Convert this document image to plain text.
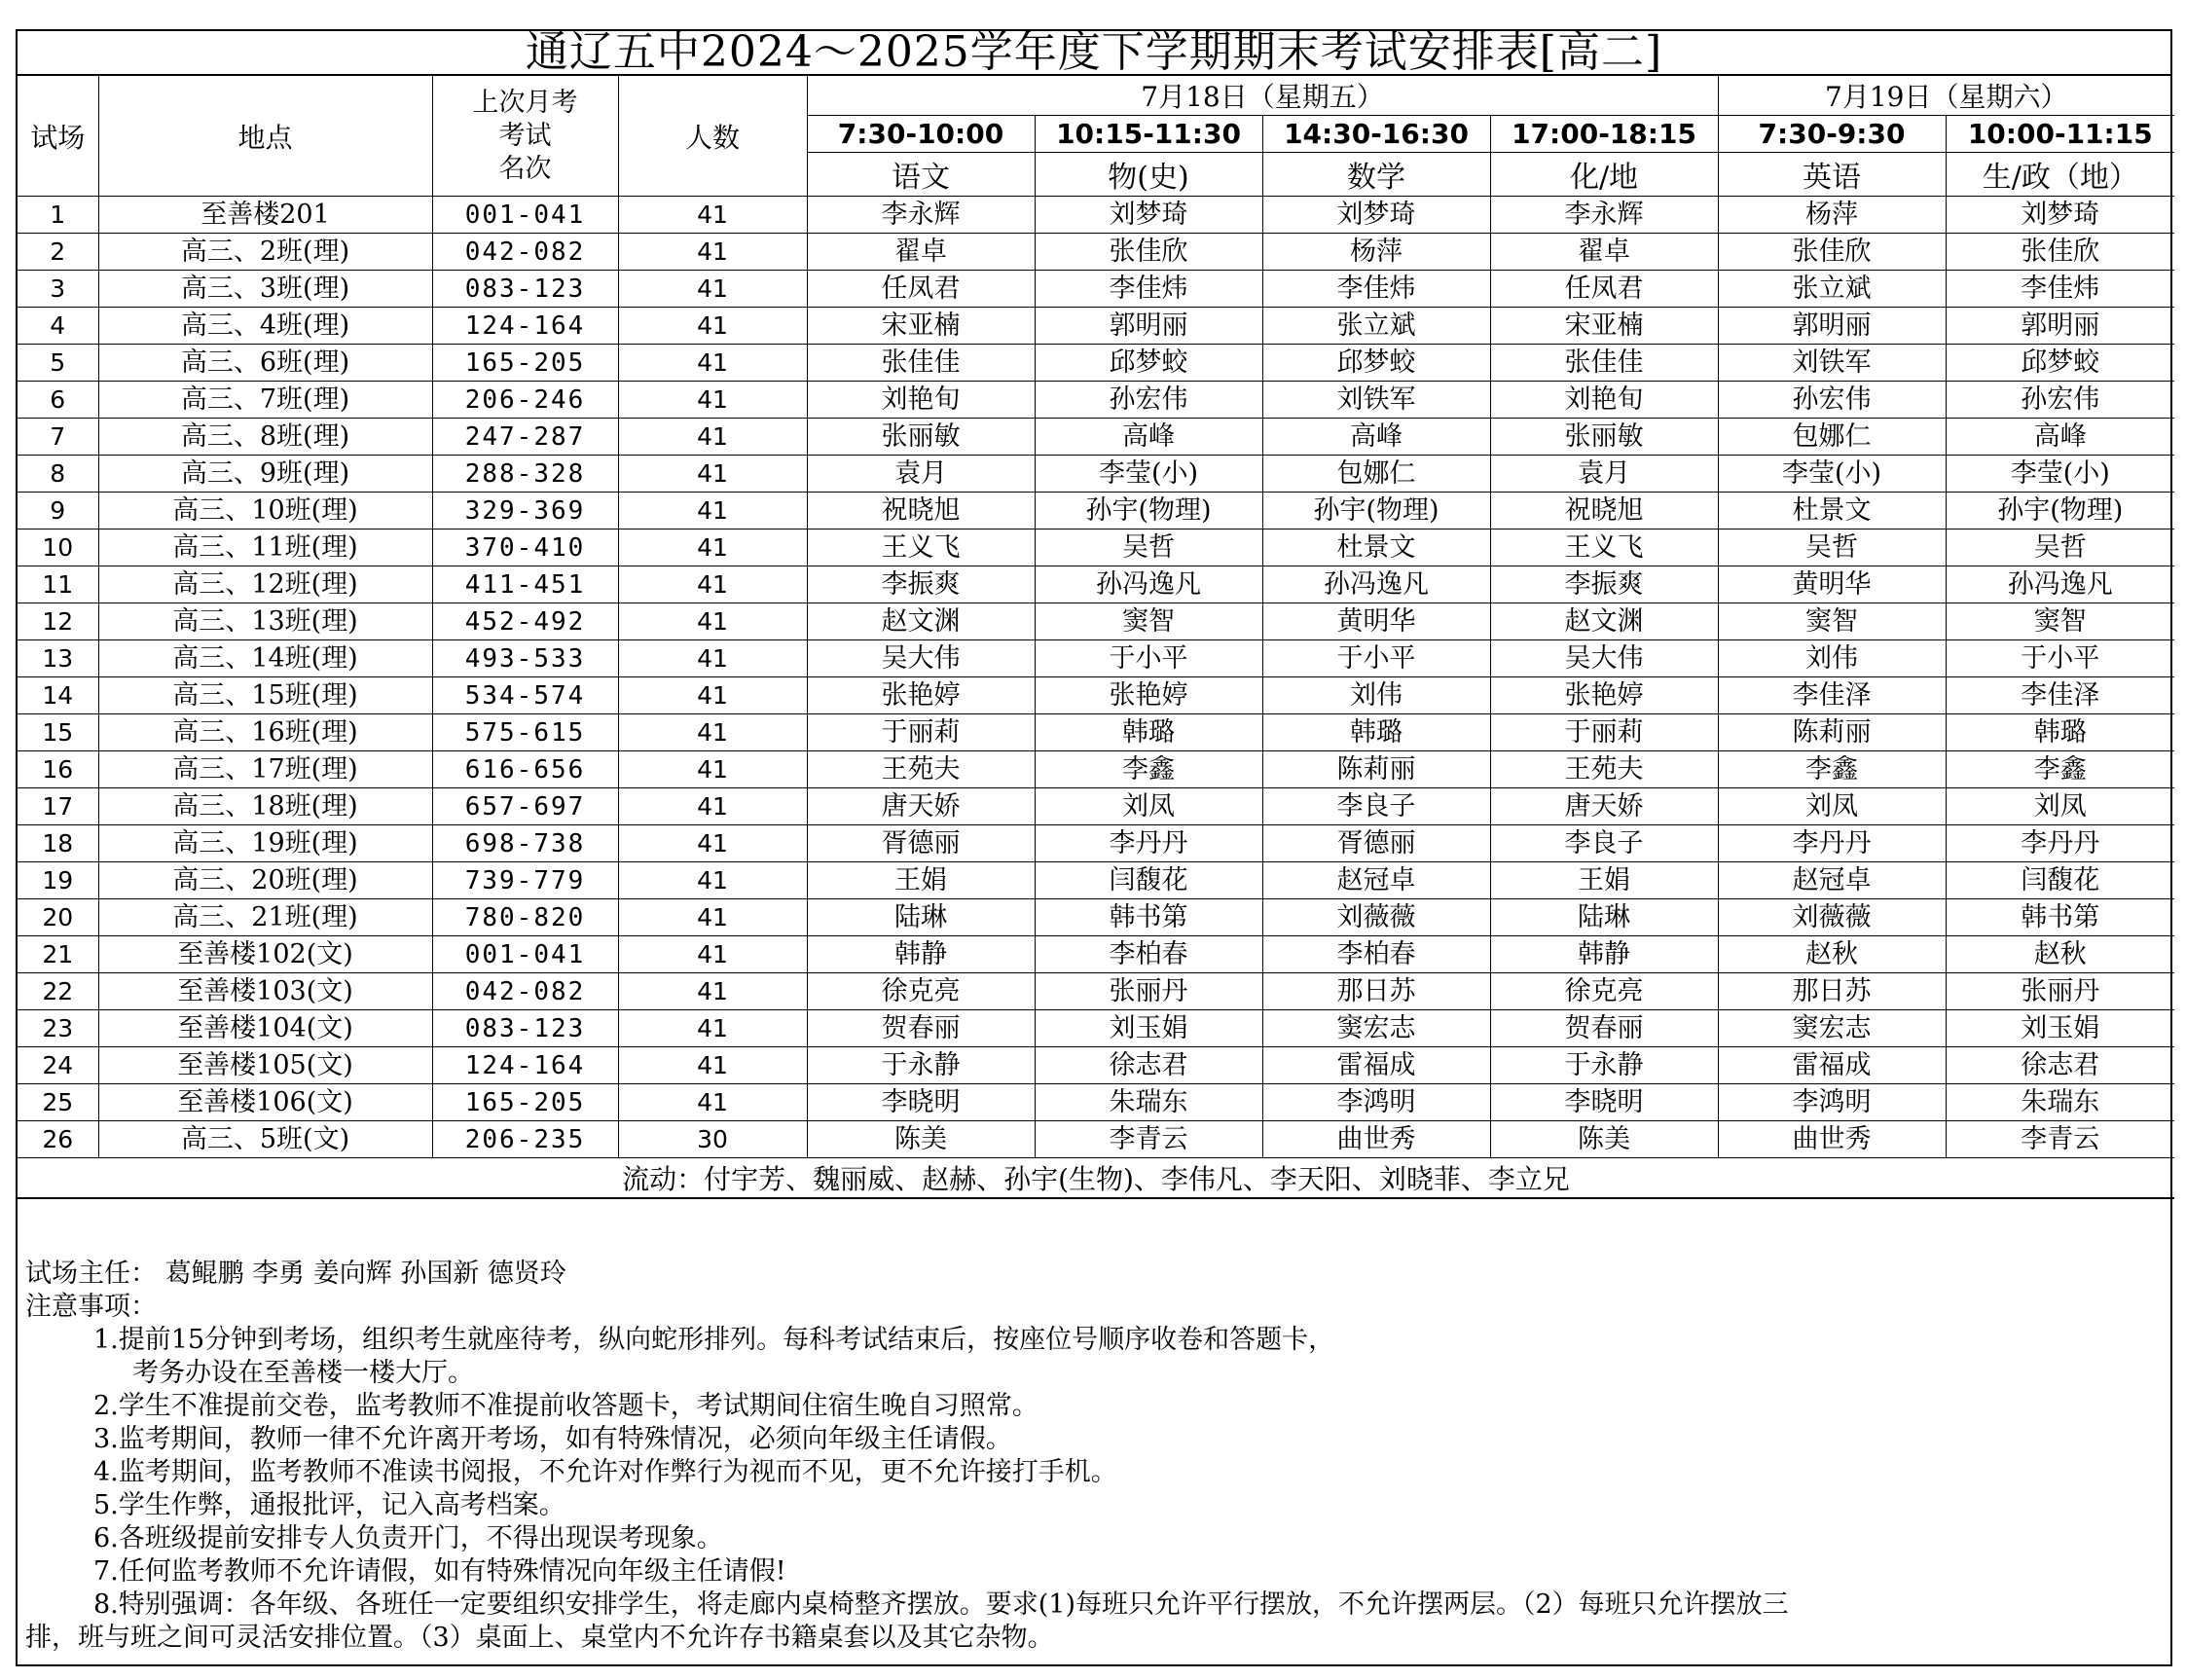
通辽五中2024～2025学年度下学期期末考试安排表[高二]
试场	地点	上次月考
考试
名次	人数	7月18日（星期五）				7月19日（星期六）	
				7:30-10:00	10:15-11:30	14:30-16:30	17:00-18:15	7:30-9:30	10:00-11:15
				语文	物(史)	数学	化/地	英语	生/政（地）
1	至善楼201	001-041	41	李永辉	刘梦琦	刘梦琦	李永辉	杨萍	刘梦琦
2	高三、2班(理)	042-082	41	翟卓	张佳欣	杨萍	翟卓	张佳欣	张佳欣
3	高三、3班(理)	083-123	41	任凤君	李佳炜	李佳炜	任凤君	张立斌	李佳炜
4	高三、4班(理)	124-164	41	宋亚楠	郭明丽	张立斌	宋亚楠	郭明丽	郭明丽
5	高三、6班(理)	165-205	41	张佳佳	邱梦蛟	邱梦蛟	张佳佳	刘铁军	邱梦蛟
6	高三、7班(理)	206-246	41	刘艳旬	孙宏伟	刘铁军	刘艳旬	孙宏伟	孙宏伟
7	高三、8班(理)	247-287	41	张丽敏	高峰	高峰	张丽敏	包娜仁	高峰
8	高三、9班(理)	288-328	41	袁月	李莹(小)	包娜仁	袁月	李莹(小)	李莹(小)
9	高三、10班(理)	329-369	41	祝晓旭	孙宇(物理)	孙宇(物理)	祝晓旭	杜景文	孙宇(物理)
10	高三、11班(理)	370-410	41	王义飞	吴哲	杜景文	王义飞	吴哲	吴哲
11	高三、12班(理)	411-451	41	李振爽	孙冯逸凡	孙冯逸凡	李振爽	黄明华	孙冯逸凡
12	高三、13班(理)	452-492	41	赵文渊	窦智	黄明华	赵文渊	窦智	窦智
13	高三、14班(理)	493-533	41	吴大伟	于小平	于小平	吴大伟	刘伟	于小平
14	高三、15班(理)	534-574	41	张艳婷	张艳婷	刘伟	张艳婷	李佳泽	李佳泽
15	高三、16班(理)	575-615	41	于丽莉	韩璐	韩璐	于丽莉	陈莉丽	韩璐
16	高三、17班(理)	616-656	41	王苑夫	李鑫	陈莉丽	王苑夫	李鑫	李鑫
17	高三、18班(理)	657-697	41	唐天娇	刘凤	李良子	唐天娇	刘凤	刘凤
18	高三、19班(理)	698-738	41	胥德丽	李丹丹	胥德丽	李良子	李丹丹	李丹丹
19	高三、20班(理)	739-779	41	王娟	闫馥花	赵冠卓	王娟	赵冠卓	闫馥花
20	高三、21班(理)	780-820	41	陆琳	韩书第	刘薇薇	陆琳	刘薇薇	韩书第
21	至善楼102(文)	001-041	41	韩静	李柏春	李柏春	韩静	赵秋	赵秋
22	至善楼103(文)	042-082	41	徐克亮	张丽丹	那日苏	徐克亮	那日苏	张丽丹
23	至善楼104(文)	083-123	41	贺春丽	刘玉娟	窦宏志	贺春丽	窦宏志	刘玉娟
24	至善楼105(文)	124-164	41	于永静	徐志君	雷福成	于永静	雷福成	徐志君
25	至善楼106(文)	165-205	41	李晓明	朱瑞东	李鸿明	李晓明	李鸿明	朱瑞东
26	高三、5班(文)	206-235	30	陈美	李青云	曲世秀	陈美	曲世秀	李青云
流动：付宇芳、魏丽威、赵赫、孙宇(生物)、李伟凡、李天阳、刘晓菲、李立兄									
试场主任： 葛鲲鹏 李勇 姜向辉 孙国新 德贤玲
注意事项：
1.提前15分钟到考场，组织考生就座待考，纵向蛇形排列。每科考试结束后，按座位号顺序收卷和答题卡，
考务办设在至善楼一楼大厅。
2.学生不准提前交卷，监考教师不准提前收答题卡，考试期间住宿生晚自习照常。
3.监考期间，教师一律不允许离开考场，如有特殊情况，必须向年级主任请假。
4.监考期间，监考教师不准读书阅报，不允许对作弊行为视而不见，更不允许接打手机。
5.学生作弊，通报批评，记入高考档案。
6.各班级提前安排专人负责开门，不得出现误考现象。
7.任何监考教师不允许请假，如有特殊情况向年级主任请假!
8.特别强调：各年级、各班任一定要组织安排学生，将走廊内桌椅整齐摆放。要求(1)每班只允许平行摆放，不允许摆两层。（2）每班只允许摆放三
排，班与班之间可灵活安排位置。（3）桌面上、桌堂内不允许存书籍桌套以及其它杂物。
